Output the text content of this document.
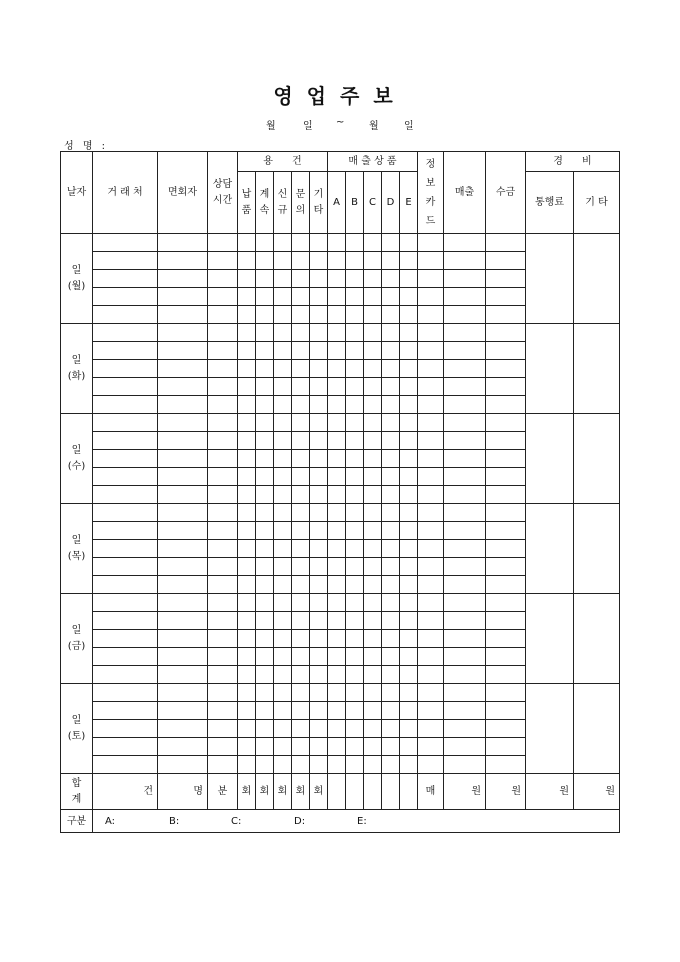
영업주보
월	일 ~ 월	일
성 명 :
날자	거 래 처	면회자	상담시간	용      건					매 출 상 품					정보카드	매출	수금	경      비	
				납품	계속	신규	문의	기타	A	B	C	D	E				통행료	기 타

일
(월)																		

일
(화)																		

일
(수)																		

일
(목)																		

일
(금)																		

일
(토)																		

합계	건	명	분	회	회	회	회	회						매	원	원	원	원
구분	A: B: C: D: E:																	
